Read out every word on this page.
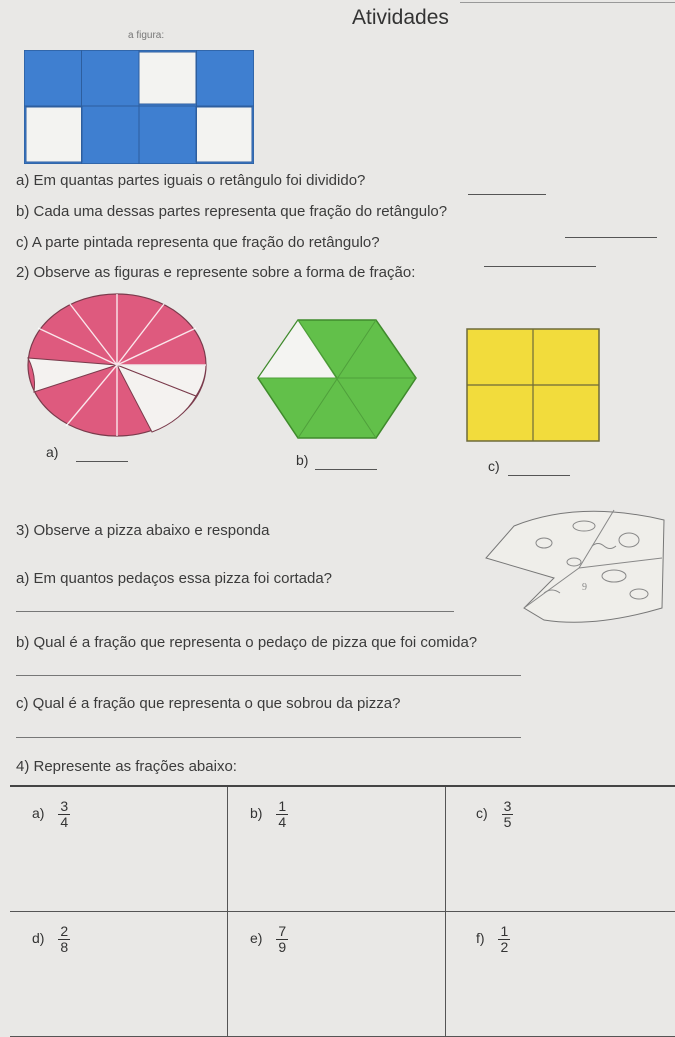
Atividades
a figura:
a) Em quantas partes iguais o retângulo foi dividido?
b) Cada uma dessas partes representa que fração do retângulo?
c) A parte pintada representa que fração do retângulo?
2) Observe as figuras e represente sobre a forma de fração:
a)	b)	c)
3) Observe a pizza abaixo e responda
9
a) Em quantos pedaços essa pizza foi cortada?
b) Qual é a fração que representa o pedaço de pizza que foi comida?
c) Qual é a fração que representa o que sobrou da pizza?
4) Represente as frações abaixo:
$a) \frac{3}{4}$	$b) \frac{1}{4}$	$c) \frac{3}{5}$

$d) \frac{2}{8}$	$e) \frac{7}{9}$	$f) \frac{1}{2}$
